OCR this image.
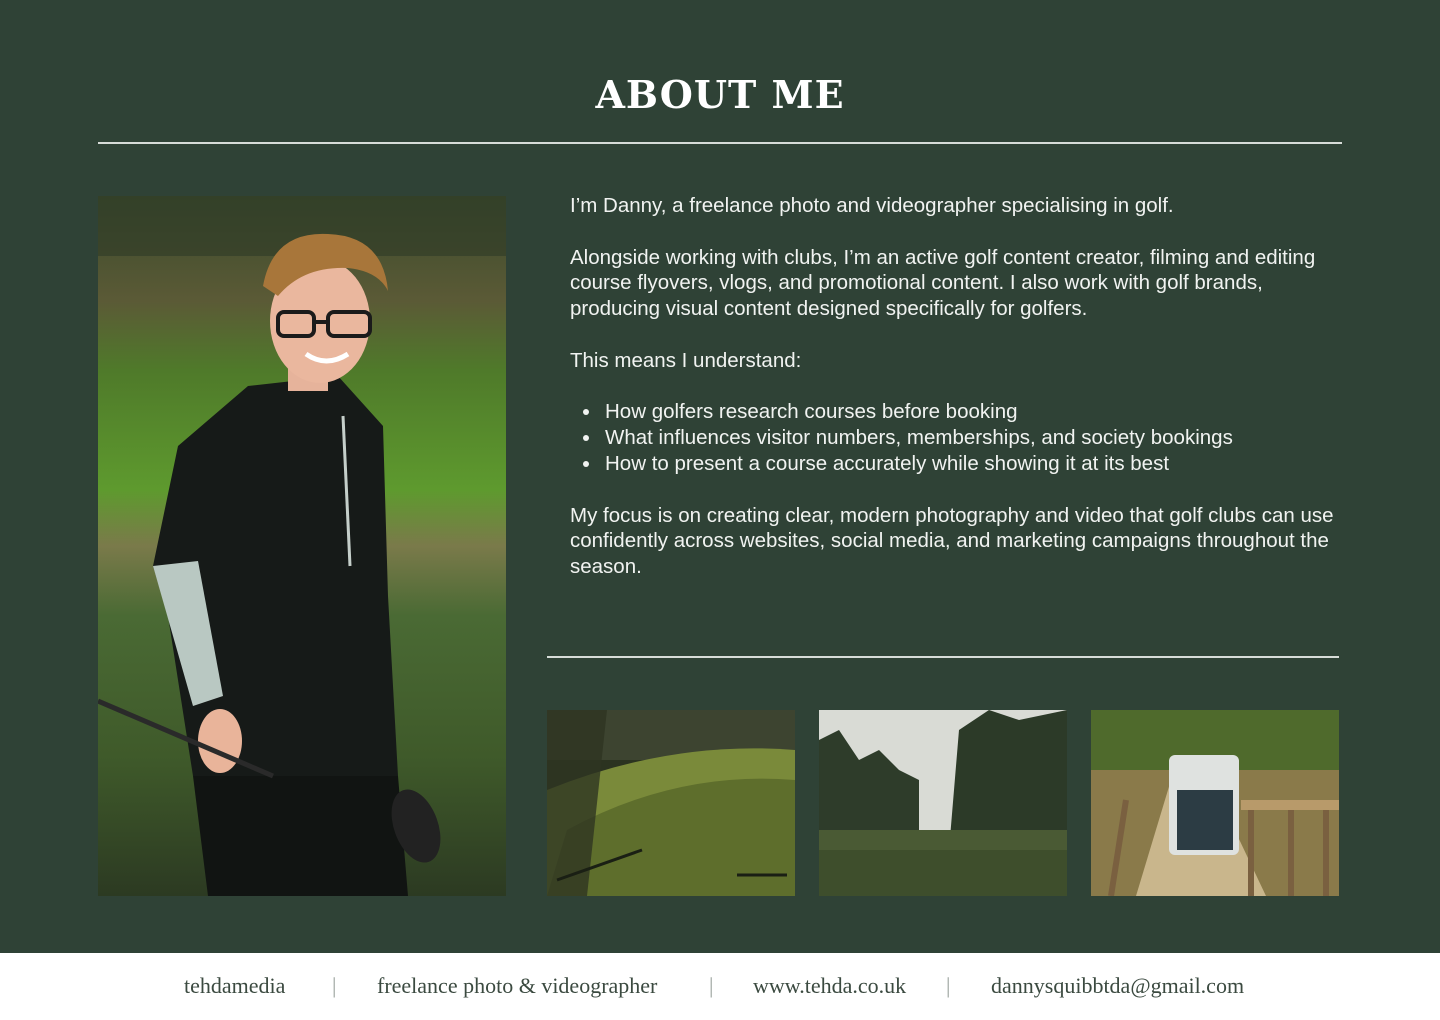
ABOUT ME

I’m Danny, a freelance photo and videographer specialising in golf.

Alongside working with clubs, I’m an active golf content creator, filming and editing course flyovers, vlogs, and promotional content. I also work with golf brands, producing visual content designed specifically for golfers.

This means I understand:

How golfers research courses before booking
What influences visitor numbers, memberships, and society bookings
How to present a course accurately while showing it at its best

My focus is on creating clear, modern photography and video that golf clubs can use confidently across websites, social media, and marketing campaigns throughout the season.

tehdamedia | freelance photo & videographer | www.tehda.co.uk | dannysquibbtda@gmail.com
